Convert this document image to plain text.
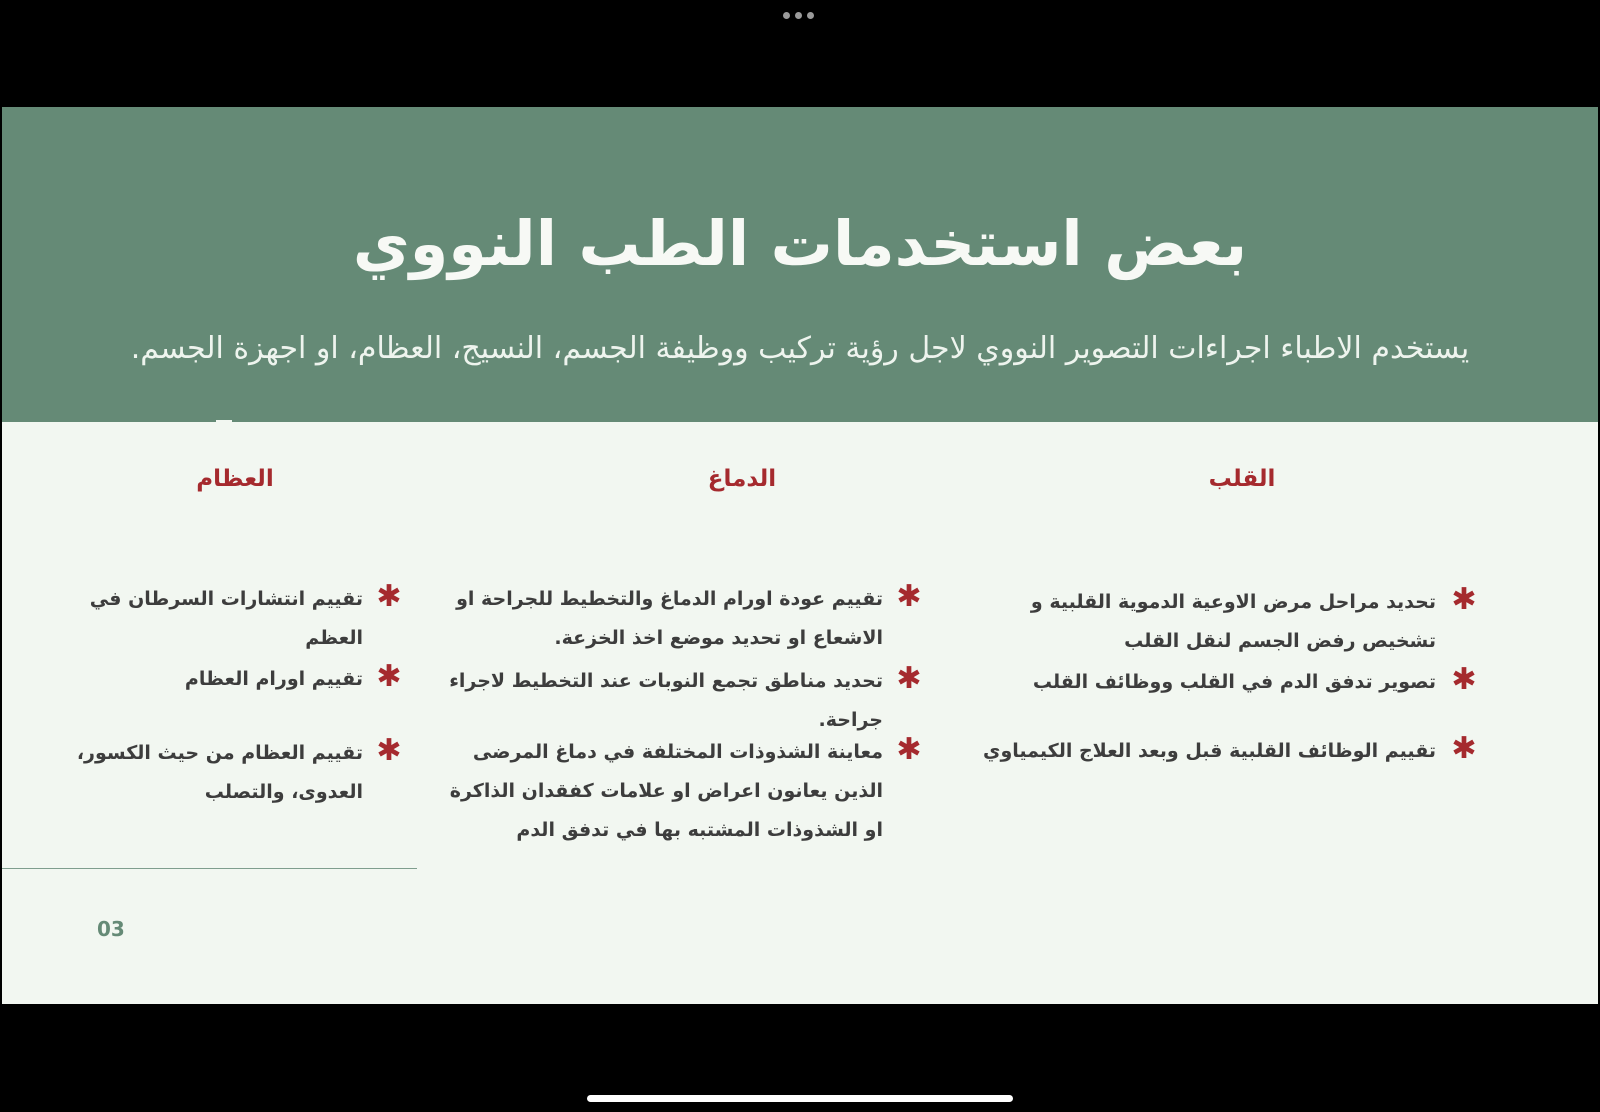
بعض استخدمات الطب النووي
يستخدم الاطباء اجراءات التصوير النووي لاجل رؤية تركيب ووظيفة الجسم، النسيج، العظام، او اجهزة الجسم.
القلب
✱
تحديد مراحل مرض الاوعية الدموية القلبية و تشخيص رفض الجسم لنقل القلب
✱
تصوير تدفق الدم في القلب ووظائف القلب
✱
تقييم الوظائف القلبية قبل وبعد العلاج الكيمياوي
الدماغ
✱
تقييم عودة اورام الدماغ والتخطيط للجراحة او الاشعاع او تحديد موضع اخذ الخزعة.
✱
تحديد مناطق تجمع النوبات عند التخطيط لاجراء جراحة.
✱
معاينة الشذوذات المختلفة في دماغ المرضى الذين يعانون اعراض او علامات كفقدان الذاكرة او الشذوذات المشتبه بها في تدفق الدم
العظام
✱
تقييم انتشارات السرطان في العظم
✱
تقييم اورام العظام
✱
تقييم العظام من حيث الكسور، العدوى، والتصلب
03
